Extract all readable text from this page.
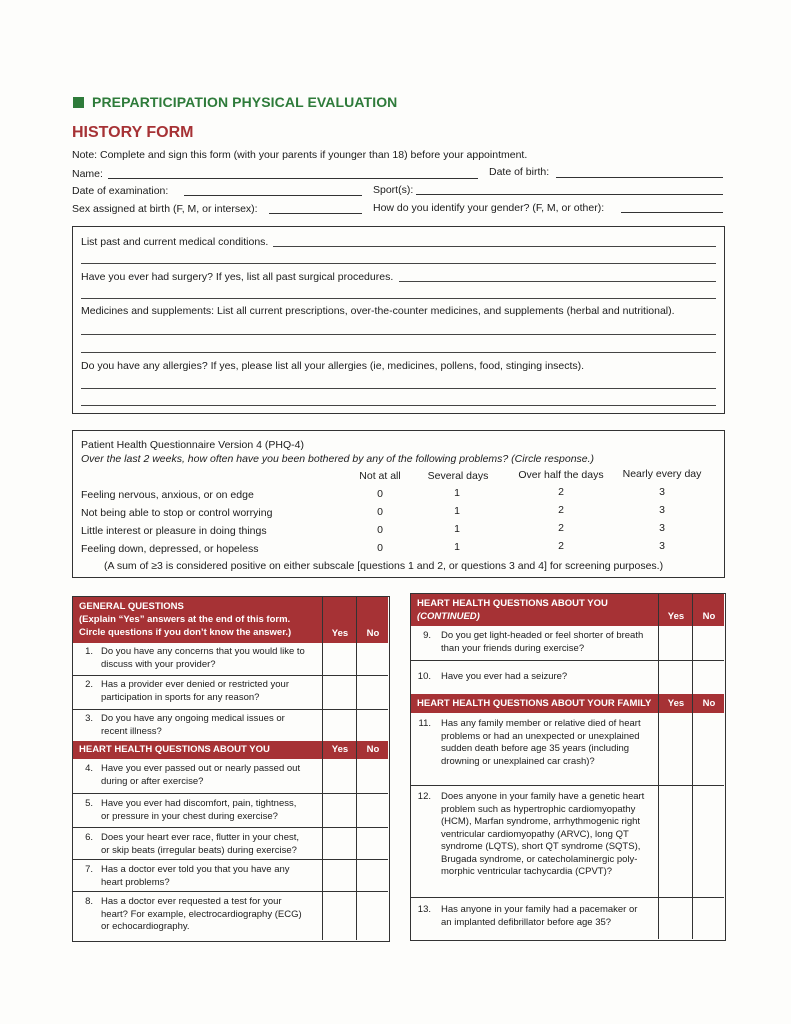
PREPARTICIPATION PHYSICAL EVALUATION
HISTORY FORM
Note: Complete and sign this form (with your parents if younger than 18) before your appointment.
Name:	Date of birth:
Date of examination:	Sport(s):
Sex assigned at birth (F, M, or intersex):	How do you identify your gender? (F, M, or other):
List past and current medical conditions.
Have you ever had surgery? If yes, list all past surgical procedures.
Medicines and supplements: List all current prescriptions, over-the-counter medicines, and supplements (herbal and nutritional).
Do you have any allergies? If yes, please list all your allergies (ie, medicines, pollens, food, stinging insects).
Patient Health Questionnaire Version 4 (PHQ-4)
Over the last 2 weeks, how often have you been bothered by any of the following problems? (Circle response.)
Not at all	Several days	Over half the days	Nearly every day
Feeling nervous, anxious, or on edge	0	1	2	3
Not being able to stop or control worrying	0	1	2	3
Little interest or pleasure in doing things	0	1	2	3
Feeling down, depressed, or hopeless	0	1	2	3
(A sum of ≥3 is considered positive on either subscale [questions 1 and 2, or questions 3 and 4] for screening purposes.)
GENERAL QUESTIONS
(Explain “Yes” answers at the end of this form.
Circle questions if you don’t know the answer.)	Yes	No
1. Do you have any concerns that you would like to
discuss with your provider?
2. Has a provider ever denied or restricted your
participation in sports for any reason?
3. Do you have any ongoing medical issues or
recent illness?
HEART HEALTH QUESTIONS ABOUT YOU	Yes	No
4. Have you ever passed out or nearly passed out
during or after exercise?
5. Have you ever had discomfort, pain, tightness,
or pressure in your chest during exercise?
6. Does your heart ever race, flutter in your chest,
or skip beats (irregular beats) during exercise?
7. Has a doctor ever told you that you have any
heart problems?
8. Has a doctor ever requested a test for your
heart? For example, electrocardiography (ECG)
or echocardiography.
HEART HEALTH QUESTIONS ABOUT YOU
(CONTINUED)	Yes	No
9. Do you get light-headed or feel shorter of breath
than your friends during exercise?
10. Have you ever had a seizure?
HEART HEALTH QUESTIONS ABOUT YOUR FAMILY	Yes	No
11. Has any family member or relative died of heart
problems or had an unexpected or unexplained
sudden death before age 35 years (including
drowning or unexplained car crash)?
12. Does anyone in your family have a genetic heart
problem such as hypertrophic cardiomyopathy
(HCM), Marfan syndrome, arrhythmogenic right
ventricular cardiomyopathy (ARVC), long QT
syndrome (LQTS), short QT syndrome (SQTS),
Brugada syndrome, or catecholaminergic poly-
morphic ventricular tachycardia (CPVT)?
13. Has anyone in your family had a pacemaker or
an implanted defibrillator before age 35?
